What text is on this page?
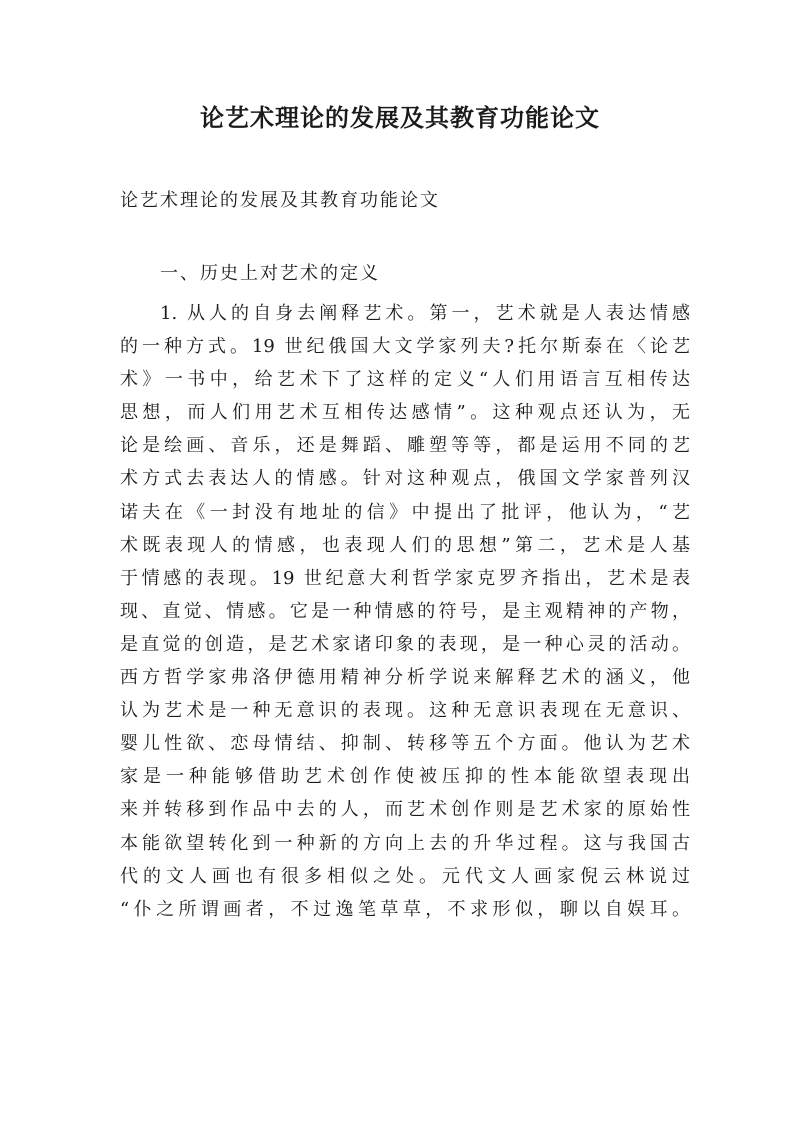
论艺术理论的发展及其教育功能论文
论艺术理论的发展及其教育功能论文
一、历史上对艺术的定义
1. 从人的自身去阐释艺术。第一，艺术就是人表达情感
的一种方式。19 世纪俄国大文学家列夫?托尔斯泰在〈论艺
术》一书中，给艺术下了这样的定义“人们用语言互相传达
思想，而人们用艺术互相传达感情”。这种观点还认为，无
论是绘画、音乐，还是舞蹈、雕塑等等，都是运用不同的艺
术方式去表达人的情感。针对这种观点，俄国文学家普列汉
诺夫在《一封没有地址的信》中提出了批评，他认为，“艺
术既表现人的情感，也表现人们的思想”第二，艺术是人基
于情感的表现。19 世纪意大利哲学家克罗齐指出，艺术是表
现、直觉、情感。它是一种情感的符号，是主观精神的产物，
是直觉的创造，是艺术家诸印象的表现，是一种心灵的活动。
西方哲学家弗洛伊德用精神分析学说来解释艺术的涵义，他
认为艺术是一种无意识的表现。这种无意识表现在无意识、
婴儿性欲、恋母情结、抑制、转移等五个方面。他认为艺术
家是一种能够借助艺术创作使被压抑的性本能欲望表现出
来并转移到作品中去的人，而艺术创作则是艺术家的原始性
本能欲望转化到一种新的方向上去的升华过程。这与我国古
代的文人画也有很多相似之处。元代文人画家倪云林说过
“仆之所谓画者，不过逸笔草草，不求形似，聊以自娱耳。
